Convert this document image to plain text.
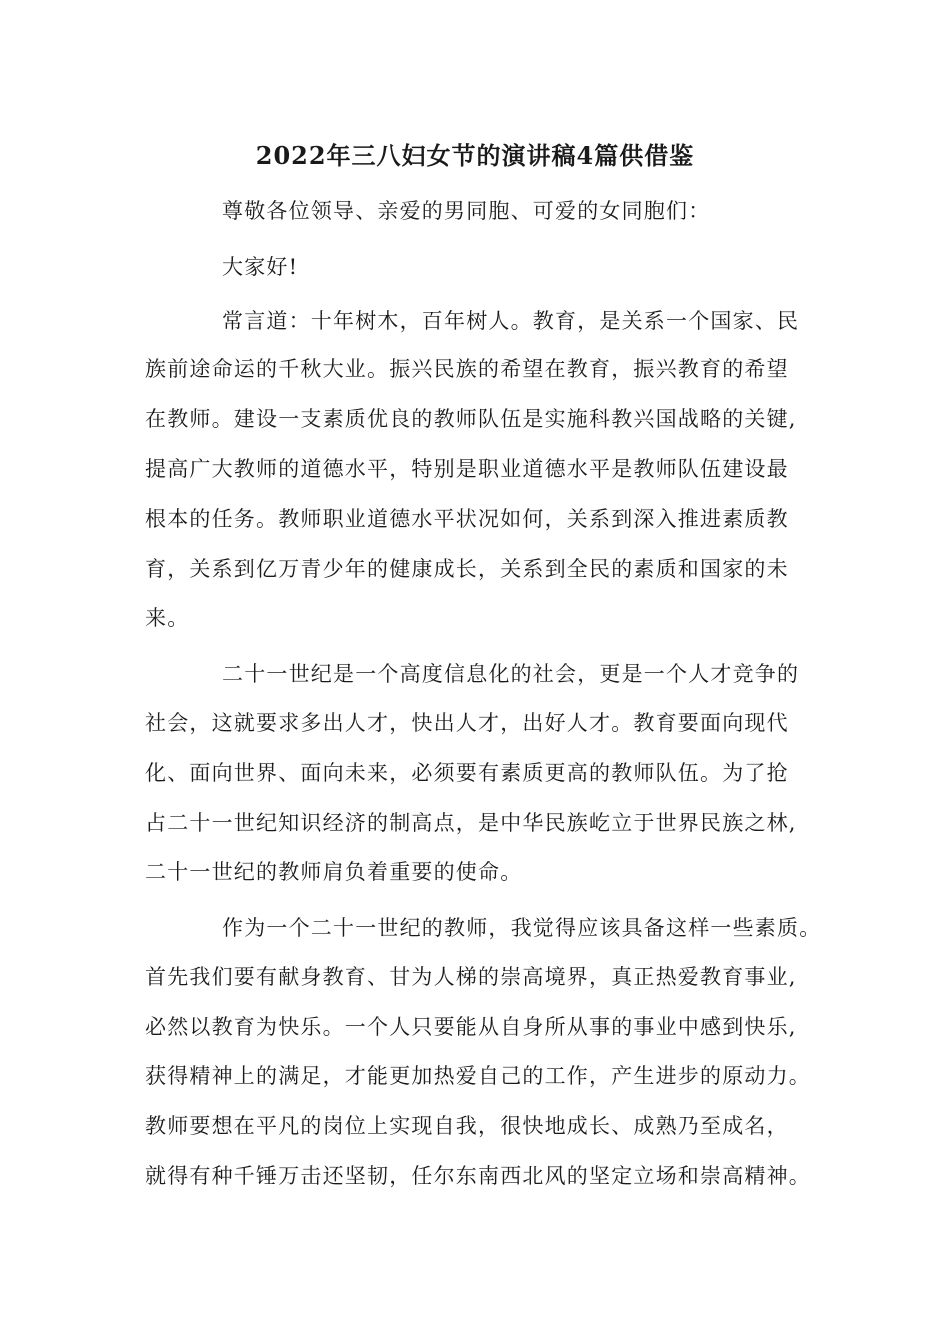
2022年三八妇女节的演讲稿4篇供借鉴
尊敬各位领导、亲爱的男同胞、可爱的女同胞们：
大家好!
常言道：十年树木，百年树人。教育，是关系一个国家、民
族前途命运的千秋大业。振兴民族的希望在教育，振兴教育的希望
在教师。建设一支素质优良的教师队伍是实施科教兴国战略的关键,
提高广大教师的道德水平，特别是职业道德水平是教师队伍建设最
根本的任务。教师职业道德水平状况如何，关系到深入推进素质教
育，关系到亿万青少年的健康成长，关系到全民的素质和国家的未
来。
二十一世纪是一个高度信息化的社会，更是一个人才竞争的
社会，这就要求多出人才，快出人才，出好人才。教育要面向现代
化、面向世界、面向未来，必须要有素质更高的教师队伍。为了抢
占二十一世纪知识经济的制高点，是中华民族屹立于世界民族之林,
二十一世纪的教师肩负着重要的使命。
作为一个二十一世纪的教师，我觉得应该具备这样一些素质。
首先我们要有献身教育、甘为人梯的崇高境界，真正热爱教育事业,
必然以教育为快乐。一个人只要能从自身所从事的事业中感到快乐,
获得精神上的满足，才能更加热爱自己的工作，产生进步的原动力。
教师要想在平凡的岗位上实现自我，很快地成长、成熟乃至成名，
就得有种千锤万击还坚韧，任尔东南西北风的坚定立场和崇高精神。
